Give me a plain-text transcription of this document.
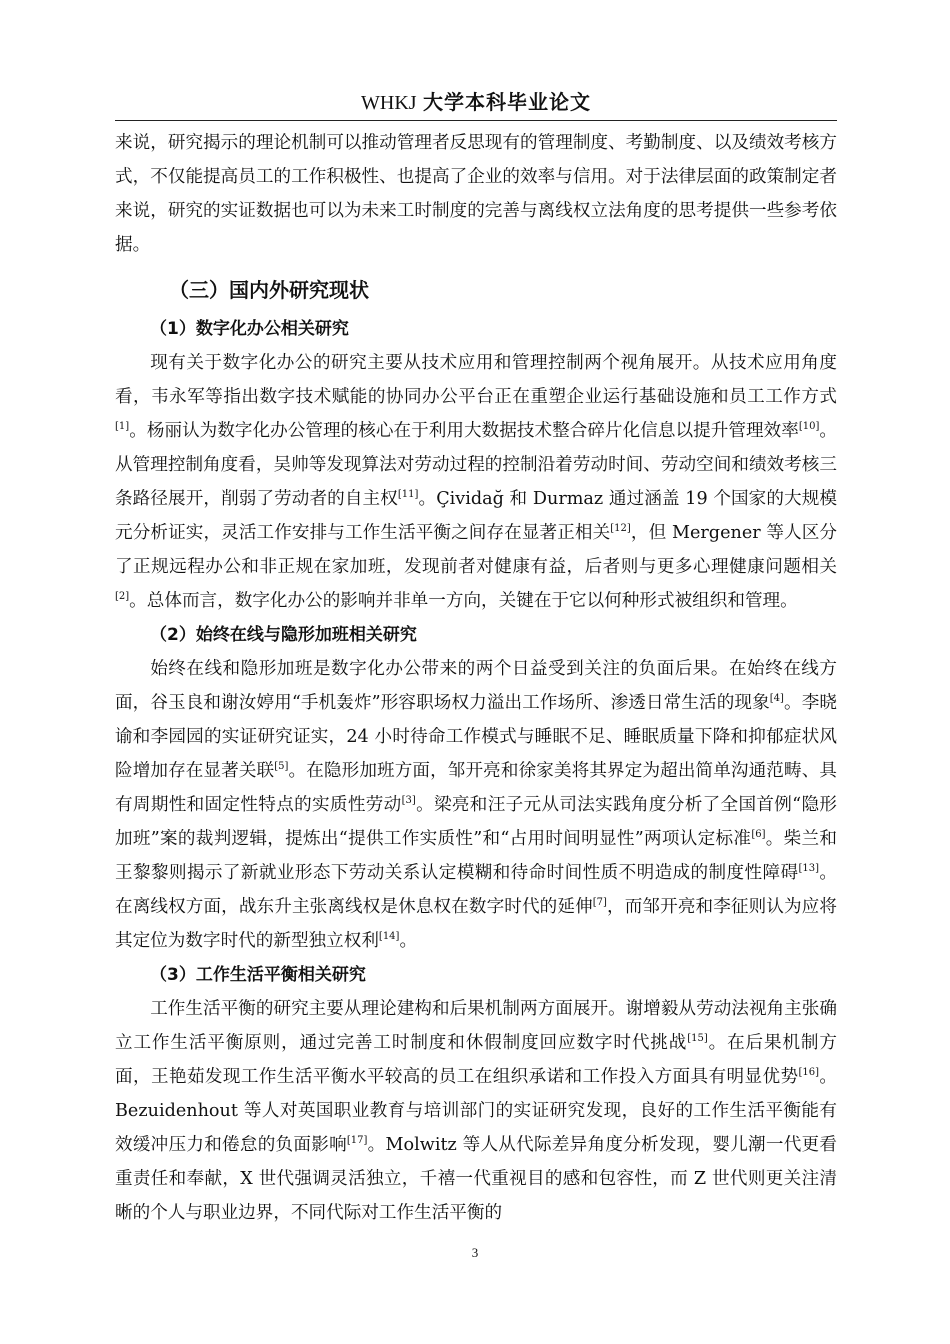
WHKJ 大学本科毕业论文

来说，研究揭示的理论机制可以推动管理者反思现有的管理制度、考勤制度、以及绩效考核方式，不仅能提高员工的工作积极性、也提高了企业的效率与信用。对于法律层面的政策制定者来说，研究的实证数据也可以为未来工时制度的完善与离线权立法角度的思考提供一些参考依据。

（三）国内外研究现状
（1）数字化办公相关研究

现有关于数字化办公的研究主要从技术应用和管理控制两个视角展开。从技术应用角度看，韦永军等指出数字技术赋能的协同办公平台正在重塑企业运行基础设施和员工工作方式[1]。杨丽认为数字化办公管理的核心在于利用大数据技术整合碎片化信息以提升管理效率[10]。从管理控制角度看，吴帅等发现算法对劳动过程的控制沿着劳动时间、劳动空间和绩效考核三条路径展开，削弱了劳动者的自主权[11]。Çividağ 和 Durmaz 通过涵盖 19 个国家的大规模元分析证实，灵活工作安排与工作生活平衡之间存在显著正相关[12]，但 Mergener 等人区分了正规远程办公和非正规在家加班，发现前者对健康有益，后者则与更多心理健康问题相关[2]。总体而言，数字化办公的影响并非单一方向，关键在于它以何种形式被组织和管理。

（2）始终在线与隐形加班相关研究

始终在线和隐形加班是数字化办公带来的两个日益受到关注的负面后果。在始终在线方面，谷玉良和谢汝婷用“手机轰炸”形容职场权力溢出工作场所、渗透日常生活的现象[4]。李晓谕和李园园的实证研究证实，24 小时待命工作模式与睡眠不足、睡眠质量下降和抑郁症状风险增加存在显著关联[5]。在隐形加班方面，邹开亮和徐家美将其界定为超出简单沟通范畴、具有周期性和固定性特点的实质性劳动[3]。梁亮和汪子元从司法实践角度分析了全国首例“隐形加班”案的裁判逻辑，提炼出“提供工作实质性”和“占用时间明显性”两项认定标准[6]。柴兰和王黎黎则揭示了新就业形态下劳动关系认定模糊和待命时间性质不明造成的制度性障碍[13]。在离线权方面，战东升主张离线权是休息权在数字时代的延伸[7]，而邹开亮和李征则认为应将其定位为数字时代的新型独立权利[14]。

（3）工作生活平衡相关研究

工作生活平衡的研究主要从理论建构和后果机制两方面展开。谢增毅从劳动法视角主张确立工作生活平衡原则，通过完善工时制度和休假制度回应数字时代挑战[15]。在后果机制方面，王艳茹发现工作生活平衡水平较高的员工在组织承诺和工作投入方面具有明显优势[16]。Bezuidenhout 等人对英国职业教育与培训部门的实证研究发现，良好的工作生活平衡能有效缓冲压力和倦怠的负面影响[17]。Molwitz 等人从代际差异角度分析发现，婴儿潮一代更看重责任和奉献，X 世代强调灵活独立，千禧一代重视目的感和包容性，而 Z 世代则更关注清晰的个人与职业边界，不同代际对工作生活平衡的

3
